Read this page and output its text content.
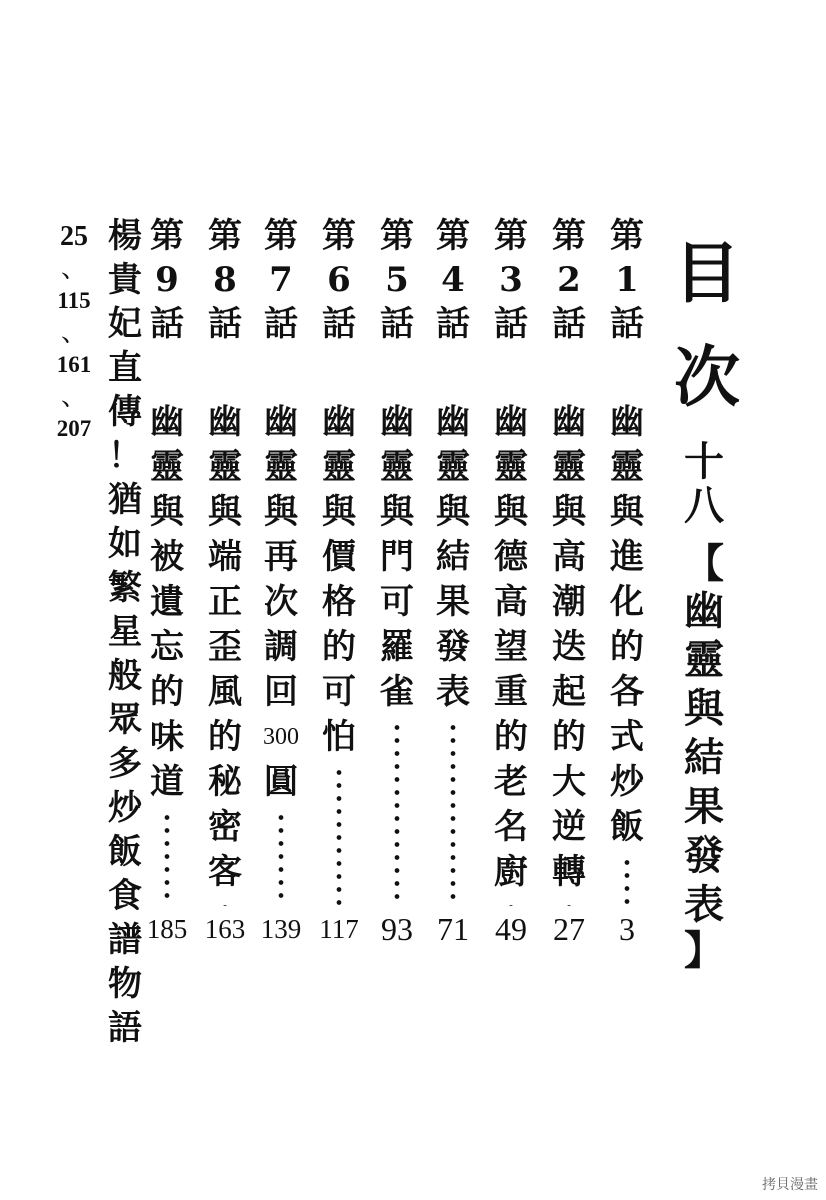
目
次
十
八
【
幽
靈
與
結
果
發
表
】
第
1
話
幽
靈
與
進
化
的
各
式
炒
飯
3
第
2
話
幽
靈
與
高
潮
迭
起
的
大
逆
轉
27
第
3
話
幽
靈
與
德
高
望
重
的
老
名
廚
49
第
4
話
幽
靈
與
結
果
發
表
71
第
5
話
幽
靈
與
門
可
羅
雀
93
第
6
話
幽
靈
與
價
格
的
可
怕
117
第
7
話
幽
靈
與
再
次
調
回
300
圓
139
第
8
話
幽
靈
與
端
正
歪
風
的
秘
密
客
163
第
9
話
幽
靈
與
被
遺
忘
的
味
道
185
楊
貴
妃
直
傳
！
猶
如
繁
星
般
眾
多
炒
飯
食
譜
物
語
25
、
115
、
161
、
207
拷貝漫畫
